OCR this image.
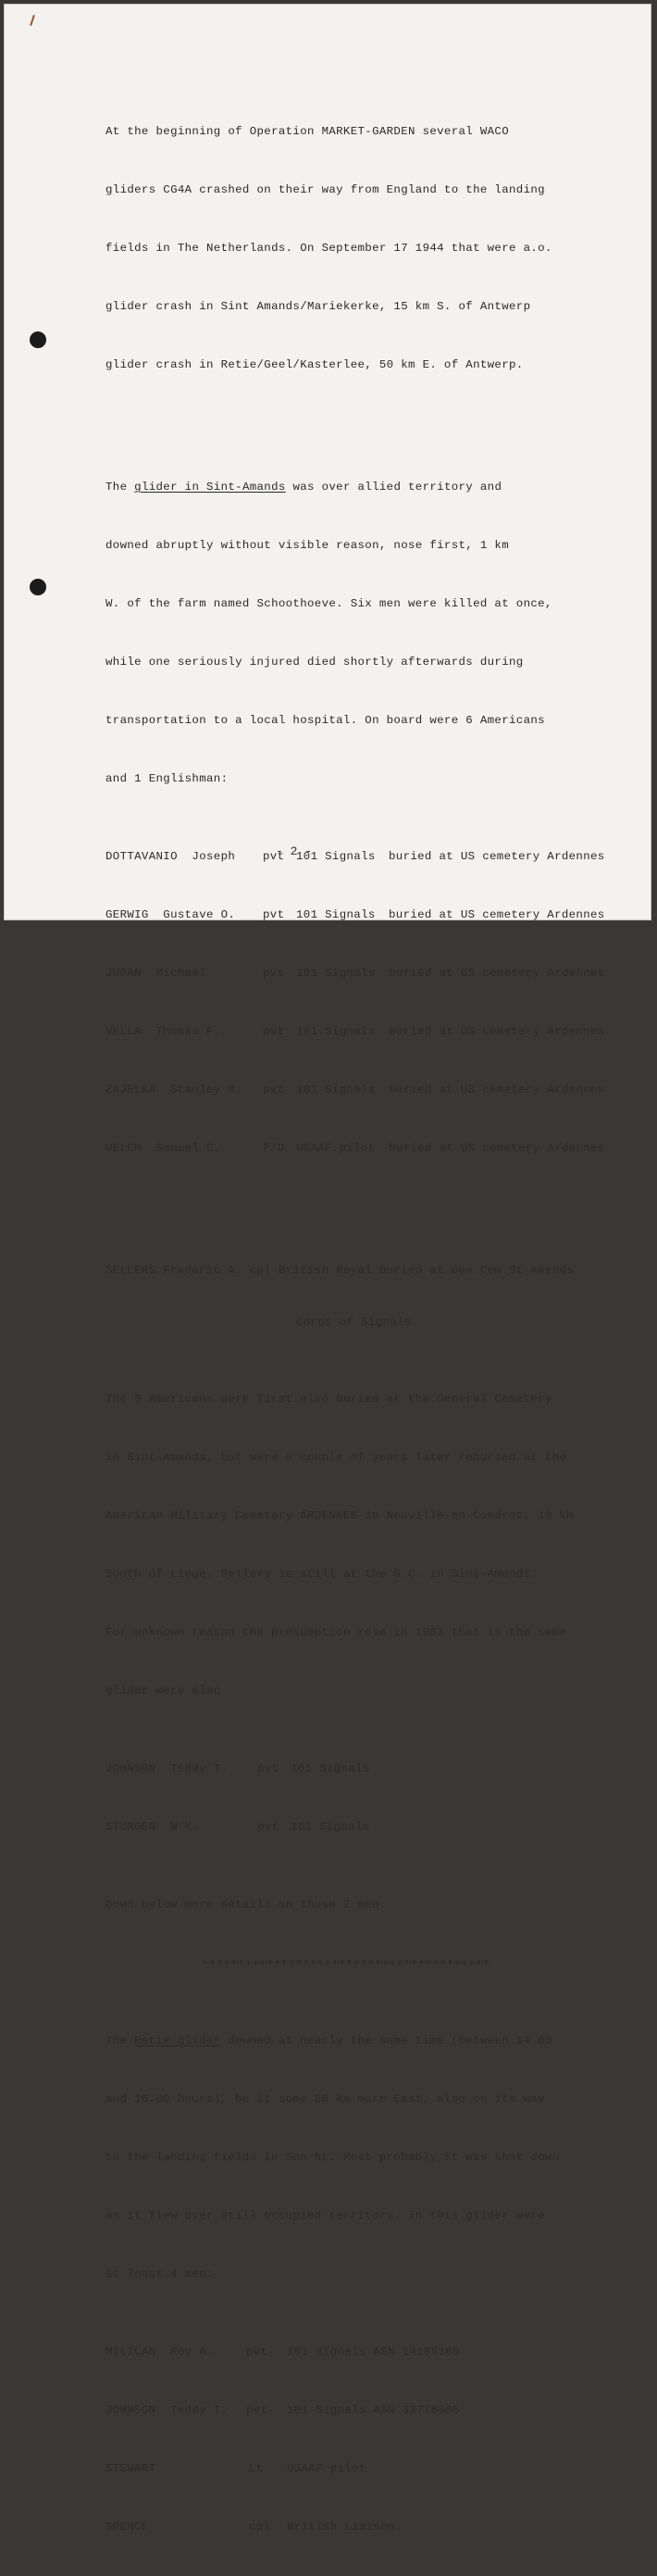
At the beginning of Operation MARKET-GARDEN several WACO

gliders CG4A crashed on their way from England to the landing

fields in The Netherlands. On September 17 1944 that were a.o.

glider crash in Sint Amands/Mariekerke, 15 km S. of Antwerp

glider crash in Retie/Geel/Kasterlee, 50 km E. of Antwerp.

The glider in Sint-Amands was over allied territory and

downed abruptly without visible reason, nose first, 1 km

W. of the farm named Schoothoeve. Six men were killed at once,

while one seriously injured died shortly afterwards during

transportation to a local hospital. On board were 6 Americans

and 1 Englishman:

DOTTAVANIO  Joseph pvt 101 Signals buried at US cemetery Ardennes

GERWIG  Gustave O. pvt 101 Signals buried at US cemetery Ardennes

JUGAN  Michael	pvt 101 Signals buried at US cemetery Ardennes

VELLA  Thomas F.	pvt 101 Signals buried at US cemetery Ardennes

ZAJELKA  Stanley M. pvt 101 Signals buried at US cemetery Ardennes

WELCH  Samuel C.	F/O USAAF,pilot buried at US cemetery Ardennes

SELLERS Frederic A. cpl British Royal buried at Gen.Cem.St-Amands

Corps of Signals

The 6 Americans were first also buried at the General Cemetery

in Sint-Amands, but were a couple of years later reburied at the

American Military Cemetery ARDENNES in Neuville-en-Condroz, 10 km

South of Liege. Sellers is still at the G.C. in Sint-Amands.

For unknown reason the presumption rose in 1983 that is the same

glider were also

JOHNSON  Teddy T.	pvt 101 Signals

STURGEN  W.K.	pvt 101 Signals

Down below more details on those 2 men.

++++++++++++++++++++++++++++++++++++++++

The Retie glider downed at nearly the same time (between 14.00

and 16.00 hours), be it some 50 km more East, also on its way

to the landing fields in Son NL. Most probably it was shot down

as it flew over still occupied territory. In this glider were

at least 4 men:

MILICAN  Roy A.	pvt 101 Signals ASN 14185169

JOHNSON  Teddy T. pvt 101 Signals ASN 33778805

STEWART	Lt USAAF pilot

SPENCE	cpl British Liaison

- 2 -
